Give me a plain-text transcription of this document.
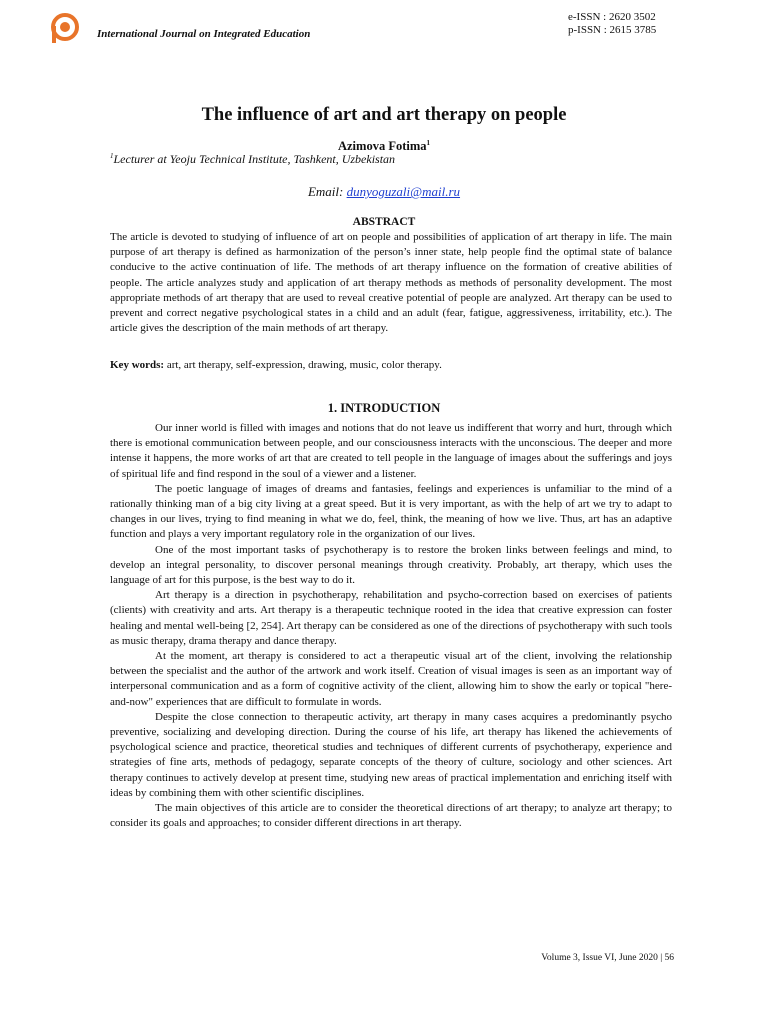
International Journal on Integrated Education
e-ISSN : 2620 3502
p-ISSN : 2615 3785
The influence of art and art therapy on people
Azimova Fotima$^1$
$^1$Lecturer at Yeoju Technical Institute, Tashkent, Uzbekistan
Email: dunyoguzali@mail.ru
ABSTRACT
The article is devoted to studying of influence of art on people and possibilities of application of art therapy in life. The main purpose of art therapy is defined as harmonization of the person’s inner state, help people find the optimal state of balance conducive to the active continuation of life. The methods of art therapy influence on the formation of creative abilities of people. The article analyzes study and application of art therapy methods as methods of personality development. The most appropriate methods of art therapy that are used to reveal creative potential of people are analyzed. Art therapy can be used to prevent and correct negative psychological states in a child and an adult (fear, fatigue, aggressiveness, irritability, etc.). The article gives the description of the main methods of art therapy.
Key words: art, art therapy, self-expression, drawing, music, color therapy.
1. INTRODUCTION

Our inner world is filled with images and notions that do not leave us indifferent that worry and hurt, through which there is emotional communication between people, and our consciousness interacts with the unconscious. The deeper and more intense it happens, the more works of art that are created to tell people in the language of images about the sufferings and joys of spiritual life and find respond in the soul of a viewer and a listener.

The poetic language of images of dreams and fantasies, feelings and experiences is unfamiliar to the mind of a rationally thinking man of a big city living at a great speed. But it is very important, as with the help of art we try to adapt to changes in our lives, trying to find meaning in what we do, feel, think, the meaning of how we live. Thus, art has an adaptive function and plays a very important regulatory role in the organization of our lives.

One of the most important tasks of psychotherapy is to restore the broken links between feelings and mind, to develop an integral personality, to discover personal meanings through creativity. Probably, art therapy, which uses the language of art for this purpose, is the best way to do it.

Art therapy is a direction in psychotherapy, rehabilitation and psycho-correction based on exercises of patients (clients) with creativity and arts. Art therapy is a therapeutic technique rooted in the idea that creative expression can foster healing and mental well-being [2, 254]. Art therapy can be considered as one of the directions of psychotherapy with such tools as music therapy, drama therapy and dance therapy.

At the moment, art therapy is considered to act a therapeutic visual art of the client, involving the relationship between the specialist and the author of the artwork and work itself. Creation of visual images is seen as an important way of interpersonal communication and as a form of cognitive activity of the client, allowing him to show the early or topical "here-and-now" experiences that are difficult to formulate in words.

Despite the close connection to therapeutic activity, art therapy in many cases acquires a predominantly psycho preventive, socializing and developing direction. During the course of his life, art therapy has likened the achievements of psychological science and practice, theoretical studies and techniques of different currents of psychotherapy, experience and strategies of fine arts, methods of pedagogy, separate concepts of the theory of culture, sociology and other sciences. Art therapy continues to actively develop at present time, studying new areas of practical implementation and enriching itself with ideas by combining them with other scientific disciplines.

The main objectives of this article are to consider the theoretical directions of art therapy; to analyze art therapy; to consider its goals and approaches; to consider different directions in art therapy.

Volume 3, Issue VI, June 2020 | 56
